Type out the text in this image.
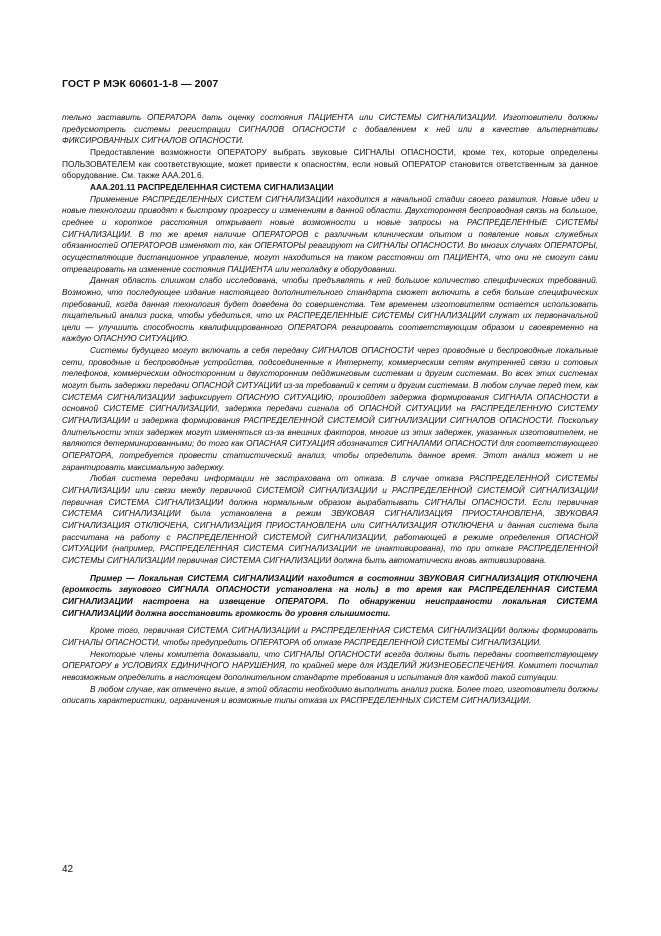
ГОСТ Р МЭК 60601-1-8 — 2007

тельно заставить ОПЕРАТОРА дать оценку состояния ПАЦИЕНТА или СИСТЕМЫ СИГНАЛИЗАЦИИ. Изготовители должны предусмотреть системы регистрации СИГНАЛОВ ОПАСНОСТИ с добавлением к ней или в качестве альтернативы ФИКСИРОВАННЫХ СИГНАЛОВ ОПАСНОСТИ.

Предоставление возможности ОПЕРАТОРУ выбрать звуковые СИГНАЛЫ ОПАСНОСТИ, кроме тех, которые определены ПОЛЬЗОВАТЕЛЕМ как соответствующие, может привести к опасностям, если новый ОПЕРАТОР становится ответственным за данное оборудование. См. также ААА.201.6.

ААА.201.11 РАСПРЕДЕЛЕННАЯ СИСТЕМА СИГНАЛИЗАЦИИ

Применение РАСПРЕДЕЛЕННЫХ СИСТЕМ СИГНАЛИЗАЦИИ находится в начальной стадии своего развития. Новые идеи и новые технологии приводят к быстрому прогрессу и изменениям в данной области. Двухсторонняя беспроводная связь на большое, среднее и короткое расстояния открывает новые возможности и новые запросы на РАСПРЕДЕЛЕННЫЕ СИСТЕМЫ СИГНАЛИЗАЦИИ. В то же время наличие ОПЕРАТОРОВ с различным клиническим опытом и появление новых служебных обязанностей ОПЕРАТОРОВ изменяют то, как ОПЕРАТОРЫ реагируют на СИГНАЛЫ ОПАСНОСТИ. Во многих случаях ОПЕРАТОРЫ, осуществляющие дистанционное управление, могут находиться на таком расстоянии от ПАЦИЕНТА, что они не смогут сами отреагировать на изменение состояния ПАЦИЕНТА или неполадку в оборудовании.

Данная область слишком слабо исследована, чтобы предъявлять к ней большое количество специфических требований. Возможно, что последующее издание настоящего дополнительного стандарта сможет включить в себя больше специфических требований, когда данная технология будет доведена до совершенства. Тем временем изготовителям остается использовать тщательный анализ риска, чтобы убедиться, что их РАСПРЕДЕЛЕННЫЕ СИСТЕМЫ СИГНАЛИЗАЦИИ служат их первоначальной цели — улучшить способность квалифицированного ОПЕРАТОРА реагировать соответствующим образом и своевременно на каждую ОПАСНУЮ СИТУАЦИЮ.

Системы будущего могут включать в себя передачу СИГНАЛОВ ОПАСНОСТИ через проводные и беспроводные локальные сети, проводные и беспроводные устройства, подсоединенные к Интернету, коммерческим сетям внутренней связи и сотовых телефонов, коммерческим односторонним и двухсторонним пейджинговым системам и другим системам. Во всех этих системах могут быть задержки передачи ОПАСНОЙ СИТУАЦИИ из-за требований к сетям и другим системам. В любом случае перед тем, как СИСТЕМА СИГНАЛИЗАЦИИ зафиксирует ОПАСНУЮ СИТУАЦИЮ, произойдет задержка формирования СИГНАЛА ОПАСНОСТИ в основной СИСТЕМЕ СИГНАЛИЗАЦИИ, задержка передачи сигнала об ОПАСНОЙ СИТУАЦИИ на РАСПРЕДЕЛЕННУЮ СИСТЕМУ СИГНАЛИЗАЦИИ и задержка формирования РАСПРЕДЕЛЕННОЙ СИСТЕМОЙ СИГНАЛИЗАЦИИ СИГНАЛОВ ОПАСНОСТИ. Поскольку длительности этих задержек могут изменяться из-за внешних факторов, многие из этих задержек, указанных изготовителем, не являются детерминированными; до того как ОПАСНАЯ СИТУАЦИЯ обозначится СИГНАЛАМИ ОПАСНОСТИ для соответствующего ОПЕРАТОРА, потребуется провести статистический анализ, чтобы определить данное время. Этот анализ может и не гарантировать максимальную задержку.

Любая система передачи информации не застрахована от отказа. В случае отказа РАСПРЕДЕЛЕННОЙ СИСТЕМЫ СИГНАЛИЗАЦИИ или связи между первичной СИСТЕМОЙ СИГНАЛИЗАЦИИ и РАСПРЕДЕЛЕННОЙ СИСТЕМОЙ СИГНАЛИЗАЦИИ первичная СИСТЕМА СИГНАЛИЗАЦИИ должна нормальным образом вырабатывать СИГНАЛЫ ОПАСНОСТИ. Если первичная СИСТЕМА СИГНАЛИЗАЦИИ была установлена в режим ЗВУКОВАЯ СИГНАЛИЗАЦИЯ ПРИОСТАНОВЛЕНА, ЗВУКОВАЯ СИГНАЛИЗАЦИЯ ОТКЛЮЧЕНА, СИГНАЛИЗАЦИЯ ПРИОСТАНОВЛЕНА или СИГНАЛИЗАЦИЯ ОТКЛЮЧЕНА и данная система была рассчитана на работу с РАСПРЕДЕЛЕННОЙ СИСТЕМОЙ СИГНАЛИЗАЦИИ, работающей в режиме определения ОПАСНОЙ СИТУАЦИИ (например, РАСПРЕДЕЛЕННАЯ СИСТЕМА СИГНАЛИЗАЦИИ не инактивирована), то при отказе РАСПРЕДЕЛЕННОЙ СИСТЕМЫ СИГНАЛИЗАЦИИ первичная СИСТЕМА СИГНАЛИЗАЦИИ должна быть автоматически вновь активизирована.

Пример — Локальная СИСТЕМА СИГНАЛИЗАЦИИ находится в состоянии ЗВУКОВАЯ СИГНАЛИЗАЦИЯ ОТКЛЮЧЕНА (громкость звукового СИГНАЛА ОПАСНОСТИ установлена на ноль) в то время как РАСПРЕДЕЛЕННАЯ СИСТЕМА СИГНАЛИЗАЦИИ настроена на извещение ОПЕРАТОРА. По обнаружении неисправности локальная СИСТЕМА СИГНАЛИЗАЦИИ должна восстановить громкость до уровня слышимости.

Кроме того, первичная СИСТЕМА СИГНАЛИЗАЦИИ и РАСПРЕДЕЛЕННАЯ СИСТЕМА СИГНАЛИЗАЦИИ должны формировать СИГНАЛЫ ОПАСНОСТИ, чтобы предупредить ОПЕРАТОРА об отказе РАСПРЕДЕЛЕННОЙ СИСТЕМЫ СИГНАЛИЗАЦИИ.

Некоторые члены комитета доказывали, что СИГНАЛЫ ОПАСНОСТИ всегда должны быть переданы соответствующему ОПЕРАТОРУ в УСЛОВИЯХ ЕДИНИЧНОГО НАРУШЕНИЯ, по крайней мере для ИЗДЕЛИЙ ЖИЗНЕОБЕСПЕЧЕНИЯ. Комитет посчитал невозможным определить в настоящем дополнительном стандарте требования и испытания для каждой такой ситуации.

В любом случае, как отмечено выше, в этой области необходимо выполнить анализ риска. Более того, изготовители должны описать характеристики, ограничения и возможные типы отказа их РАСПРЕДЕЛЕННЫХ СИСТЕМ СИГНАЛИЗАЦИИ.

42
